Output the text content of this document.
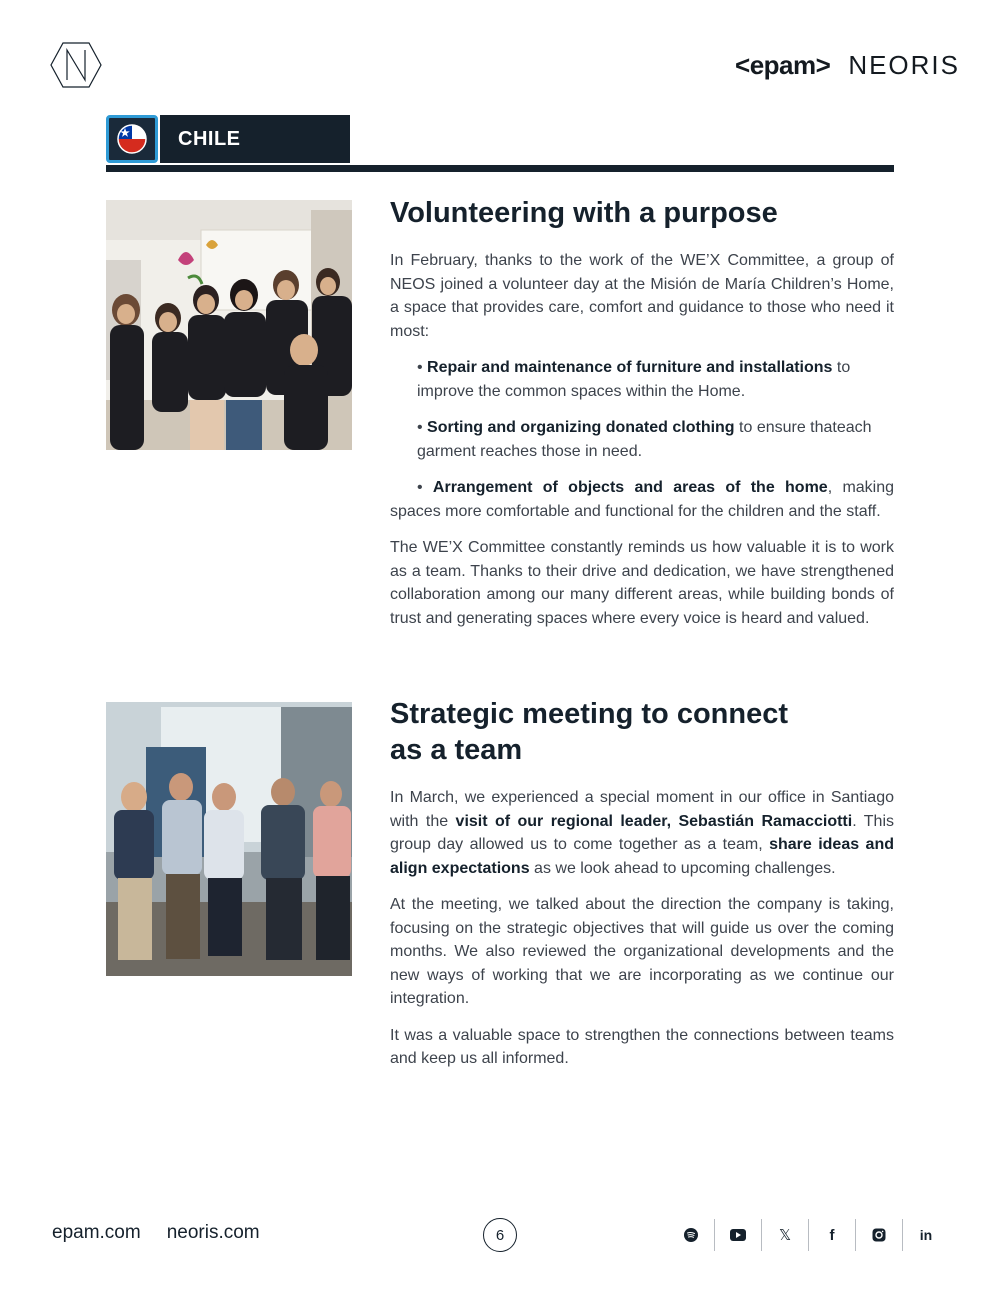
<epam> NEORIS
CHILE
Volunteering with a purpose

In February, thanks to the work of the WE’X Committee, a group of NEOS joined a volunteer day at the Misión de María Children’s Home, a space that provides care, comfort and guidance to those who need it most:

• Repair and maintenance of furniture and installations to improve the common spaces within the Home.

• Sorting and organizing donated clothing to ensure thateach garment reaches those in need.

• Arrangement of objects and areas of the home, making spaces more comfortable and functional for the children and the staff.

The WE’X Committee constantly reminds us how valuable it is to work as a team. Thanks to their drive and dedication, we have strengthened collaboration among our many different areas, while building bonds of trust and generating spaces where every voice is heard and valued.

Strategic meeting to connect
as a team

In March, we experienced a special moment in our office in Santiago with the visit of our regional leader, Sebastián Ramacciotti. This group day allowed us to come together as a team, share ideas and align expectations as we look ahead to upcoming challenges.

At the meeting, we talked about the direction the company is taking, focusing on the strategic objectives that will guide us over the coming months. We also reviewed the organizational developments and the new ways of working that we are incorporating as we continue our integration.

It was a valuable space to strengthen the connections between teams and keep us all informed.

epam.com neoris.com	6	𝕏	f	in
